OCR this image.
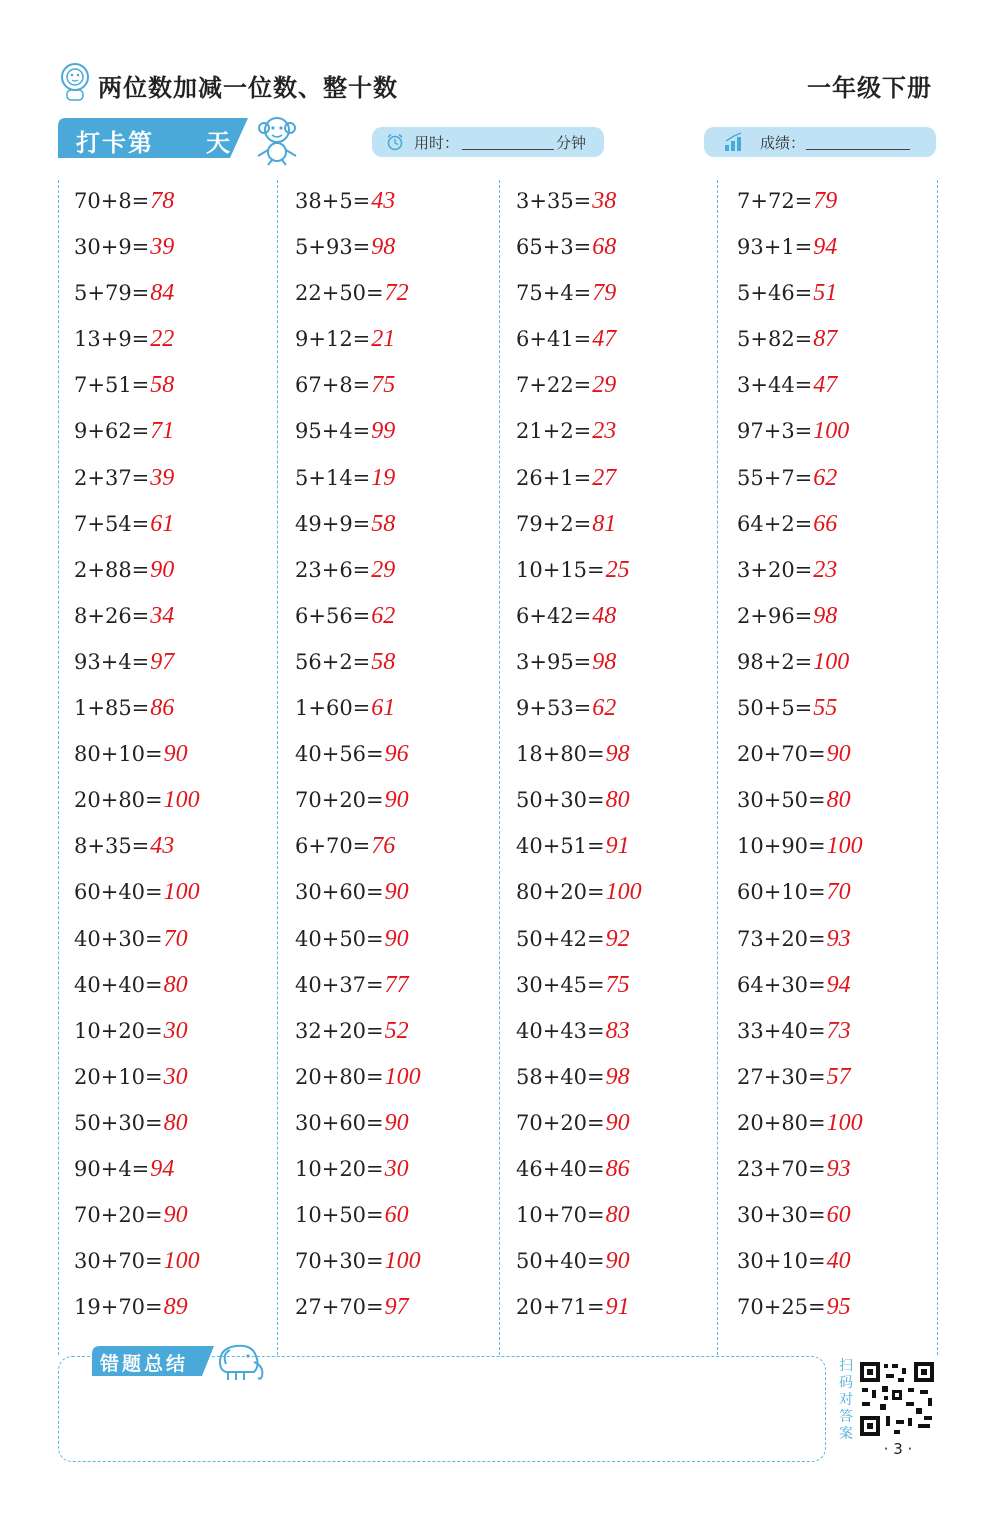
两位数加减一位数、整十数	一年级下册
打卡第 天	用时：	分钟	成绩：
70+8=78
30+9=39
5+79=84
13+9=22
7+51=58
9+62=71
2+37=39
7+54=61
2+88=90
8+26=34
93+4=97
1+85=86
80+10=90
20+80=100
8+35=43
60+40=100
40+30=70
40+40=80
10+20=30
20+10=30
50+30=80
90+4=94
70+20=90
30+70=100
19+70=89
38+5=43
5+93=98
22+50=72
9+12=21
67+8=75
95+4=99
5+14=19
49+9=58
23+6=29
6+56=62
56+2=58
1+60=61
40+56=96
70+20=90
6+70=76
30+60=90
40+50=90
40+37=77
32+20=52
20+80=100
30+60=90
10+20=30
10+50=60
70+30=100
27+70=97
3+35=38
65+3=68
75+4=79
6+41=47
7+22=29
21+2=23
26+1=27
79+2=81
10+15=25
6+42=48
3+95=98
9+53=62
18+80=98
50+30=80
40+51=91
80+20=100
50+42=92
30+45=75
40+43=83
58+40=98
70+20=90
46+40=86
10+70=80
50+40=90
20+71=91
7+72=79
93+1=94
5+46=51
5+82=87
3+44=47
97+3=100
55+7=62
64+2=66
3+20=23
2+96=98
98+2=100
50+5=55
20+70=90
30+50=80
10+90=100
60+10=70
73+20=93
64+30=94
33+40=73
27+30=57
20+80=100
23+70=93
30+30=60
30+10=40
70+25=95
错题总结	扫码对答案
· 3 ·
